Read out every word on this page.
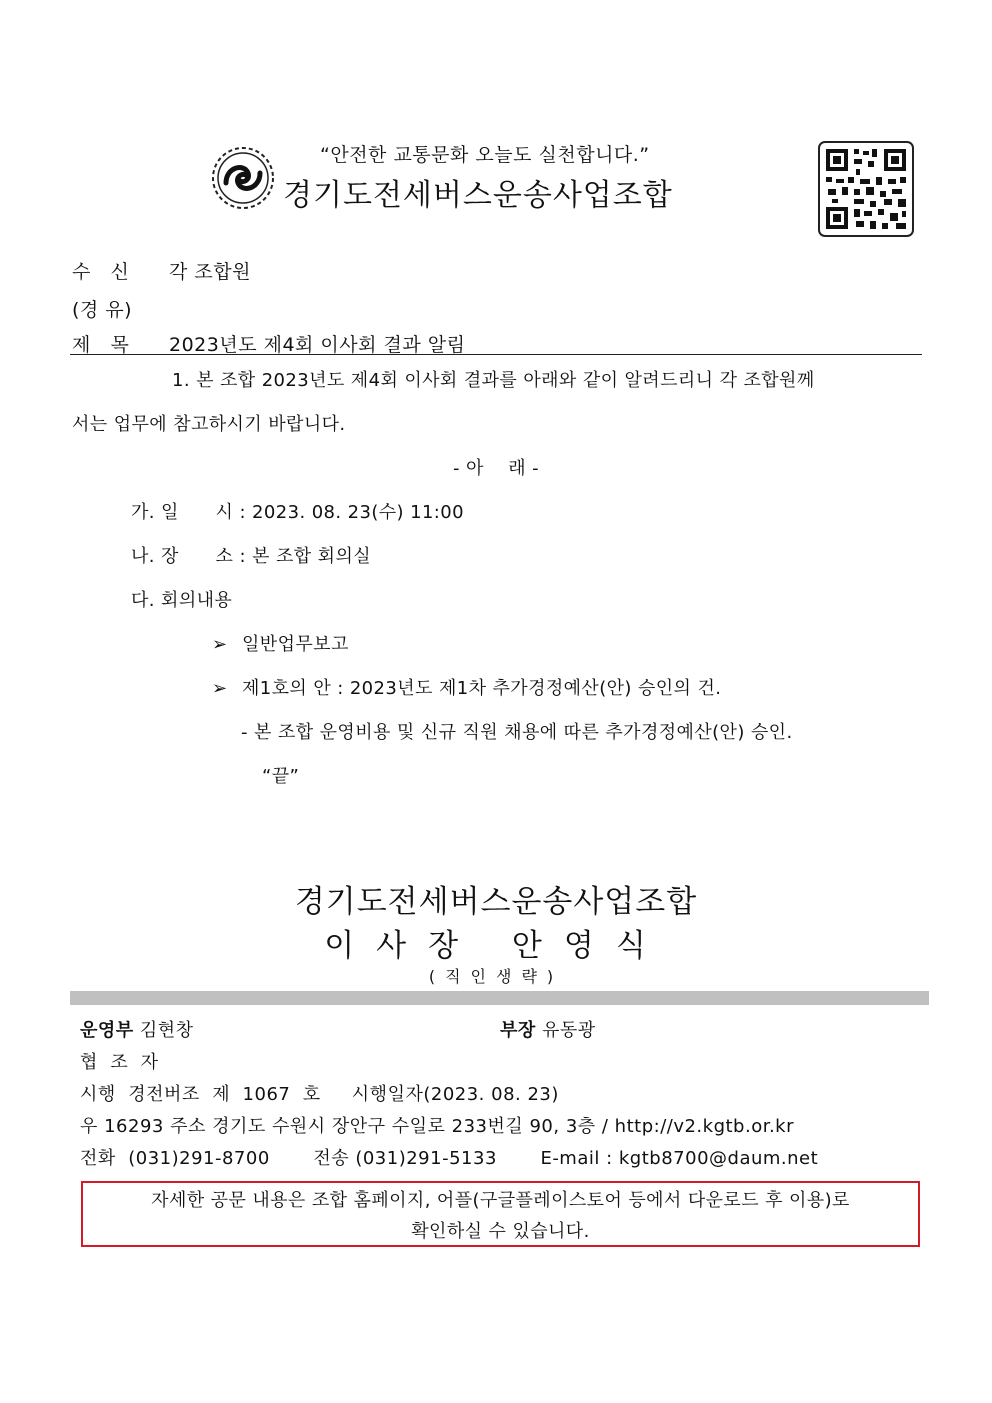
“안전한 교통문화 오늘도 실천합니다.”
경기도전세버스운송사업조합
수   신 각 조합원
(경 유)
제   목 2023년도 제4회 이사회 결과 알림
1. 본 조합 2023년도 제4회 이사회 결과를 아래와 같이 알려드리니 각 조합원께
서는 업무에 참고하시기 바랍니다.
- 아    래 -
가. 일      시 : 2023. 08. 23(수) 11:00
나. 장      소 : 본 조합 회의실
다. 회의내용
➢ 일반업무보고
➢ 제1호의 안 : 2023년도 제1차 추가경정예산(안) 승인의 건.
- 본 조합 운영비용 및 신규 직원 채용에 따른 추가경정예산(안) 승인.
“끝”
경기도전세버스운송사업조합
이사장 안영식
(직인생략)
운영부 김현창	부장 유동광
협  조  자
시행  경전버조  제  1067  호     시행일자(2023. 08. 23)
우 16293 주소 경기도 수원시 장안구 수일로 233번길 90, 3층 / http://v2.kgtb.or.kr
전화  (031)291-8700       전송 (031)291-5133       E-mail : kgtb8700@daum.net
자세한 공문 내용은 조합 홈페이지, 어플(구글플레이스토어 등에서 다운로드 후 이용)로
확인하실 수 있습니다.
